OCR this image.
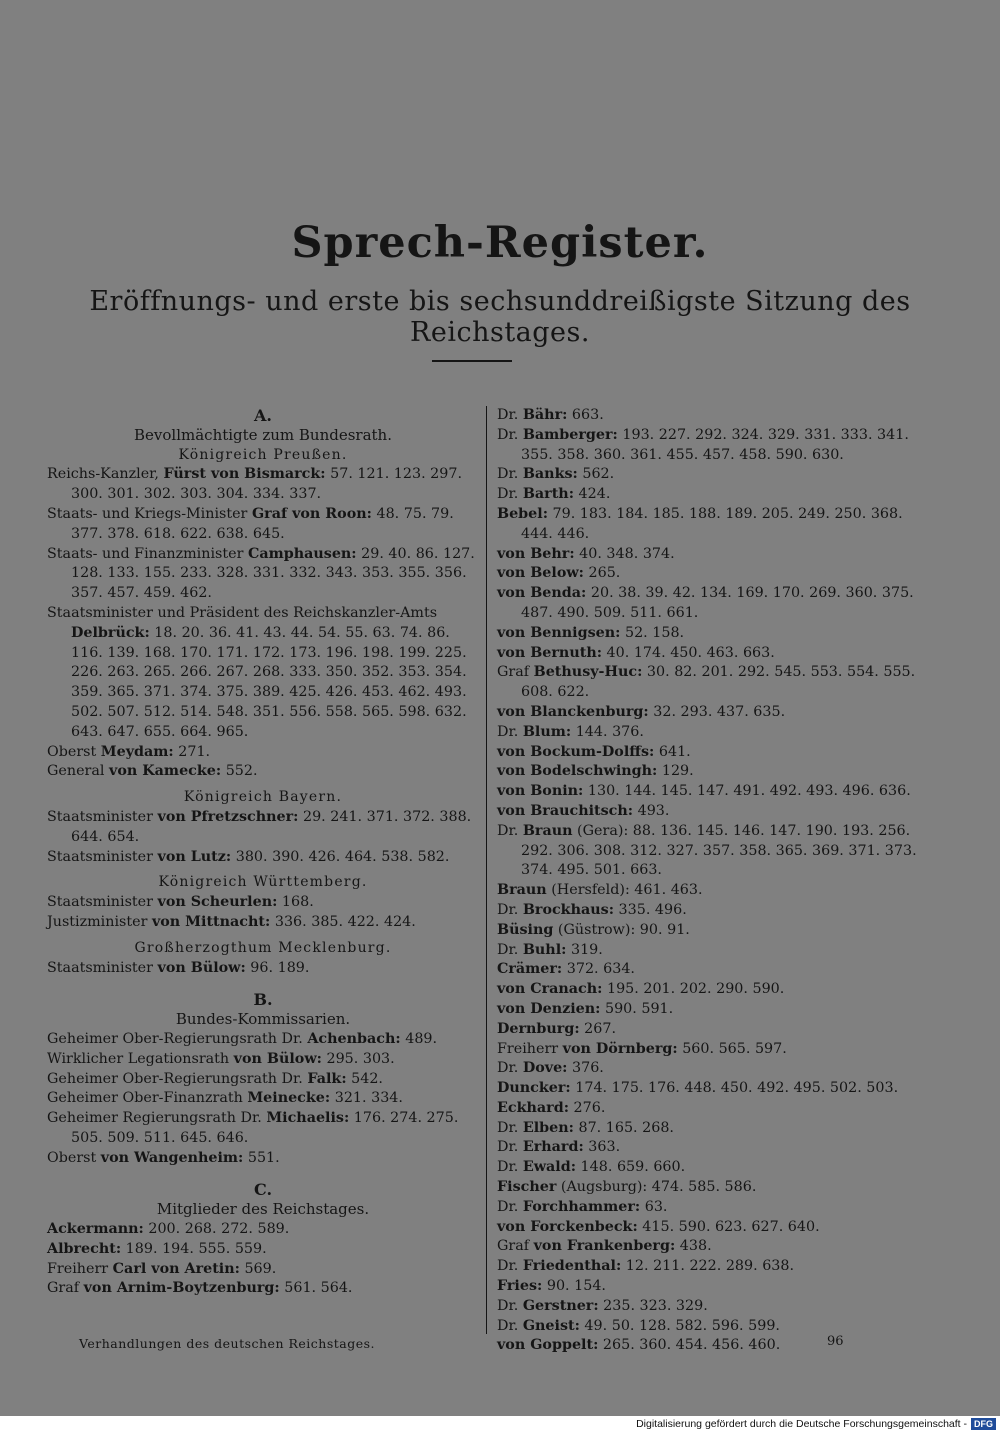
Sprech-Register.
Eröffnungs- und erste bis sechsunddreißigste Sitzung des Reichstages.
A.
Bevollmächtigte zum Bundesrath.
Königreich Preußen.
Reichs-Kanzler, Fürst von Bismarck: 57. 121. 123. 297. 300. 301. 302. 303. 304. 334. 337.
Staats- und Kriegs-Minister Graf von Roon: 48. 75. 79. 377. 378. 618. 622. 638. 645.
Staats- und Finanzminister Camphausen: 29. 40. 86. 127. 128. 133. 155. 233. 328. 331. 332. 343. 353. 355. 356. 357. 457. 459. 462.
Staatsminister und Präsident des Reichskanzler-Amts Delbrück: 18. 20. 36. 41. 43. 44. 54. 55. 63. 74. 86. 116. 139. 168. 170. 171. 172. 173. 196. 198. 199. 225. 226. 263. 265. 266. 267. 268. 333. 350. 352. 353. 354. 359. 365. 371. 374. 375. 389. 425. 426. 453. 462. 493. 502. 507. 512. 514. 548. 351. 556. 558. 565. 598. 632. 643. 647. 655. 664. 965.
Oberst Meydam: 271.
General von Kamecke: 552.
Königreich Bayern.
Staatsminister von Pfretzschner: 29. 241. 371. 372. 388. 644. 654.
Staatsminister von Lutz: 380. 390. 426. 464. 538. 582.
Königreich Württemberg.
Staatsminister von Scheurlen: 168.
Justizminister von Mittnacht: 336. 385. 422. 424.
Großherzogthum Mecklenburg.
Staatsminister von Bülow: 96. 189.
B.
Bundes-Kommissarien.
Geheimer Ober-Regierungsrath Dr. Achenbach: 489.
Wirklicher Legationsrath von Bülow: 295. 303.
Geheimer Ober-Regierungsrath Dr. Falk: 542.
Geheimer Ober-Finanzrath Meinecke: 321. 334.
Geheimer Regierungsrath Dr. Michaelis: 176. 274. 275. 505. 509. 511. 645. 646.
Oberst von Wangenheim: 551.
C.
Mitglieder des Reichstages.
Ackermann: 200. 268. 272. 589.
Albrecht: 189. 194. 555. 559.
Freiherr Carl von Aretin: 569.
Graf von Arnim-Boytzenburg: 561. 564.
Dr. Bähr: 663.
Dr. Bamberger: 193. 227. 292. 324. 329. 331. 333. 341. 355. 358. 360. 361. 455. 457. 458. 590. 630.
Dr. Banks: 562.
Dr. Barth: 424.
Bebel: 79. 183. 184. 185. 188. 189. 205. 249. 250. 368. 444. 446.
von Behr: 40. 348. 374.
von Below: 265.
von Benda: 20. 38. 39. 42. 134. 169. 170. 269. 360. 375. 487. 490. 509. 511. 661.
von Bennigsen: 52. 158.
von Bernuth: 40. 174. 450. 463. 663.
Graf Bethusy-Huc: 30. 82. 201. 292. 545. 553. 554. 555. 608. 622.
von Blanckenburg: 32. 293. 437. 635.
Dr. Blum: 144. 376.
von Bockum-Dolffs: 641.
von Bodelschwingh: 129.
von Bonin: 130. 144. 145. 147. 491. 492. 493. 496. 636.
von Brauchitsch: 493.
Dr. Braun (Gera): 88. 136. 145. 146. 147. 190. 193. 256. 292. 306. 308. 312. 327. 357. 358. 365. 369. 371. 373. 374. 495. 501. 663.
Braun (Hersfeld): 461. 463.
Dr. Brockhaus: 335. 496.
Büsing (Güstrow): 90. 91.
Dr. Buhl: 319.
Crämer: 372. 634.
von Cranach: 195. 201. 202. 290. 590.
von Denzien: 590. 591.
Dernburg: 267.
Freiherr von Dörnberg: 560. 565. 597.
Dr. Dove: 376.
Duncker: 174. 175. 176. 448. 450. 492. 495. 502. 503.
Eckhard: 276.
Dr. Elben: 87. 165. 268.
Dr. Erhard: 363.
Dr. Ewald: 148. 659. 660.
Fischer (Augsburg): 474. 585. 586.
Dr. Forchhammer: 63.
von Forckenbeck: 415. 590. 623. 627. 640.
Graf von Frankenberg: 438.
Dr. Friedenthal: 12. 211. 222. 289. 638.
Fries: 90. 154.
Dr. Gerstner: 235. 323. 329.
Dr. Gneist: 49. 50. 128. 582. 596. 599.
von Goppelt: 265. 360. 454. 456. 460.
Verhandlungen des deutschen Reichstages.	96
Digitalisierung gefördert durch die Deutsche Forschungsgemeinschaft - DFG
